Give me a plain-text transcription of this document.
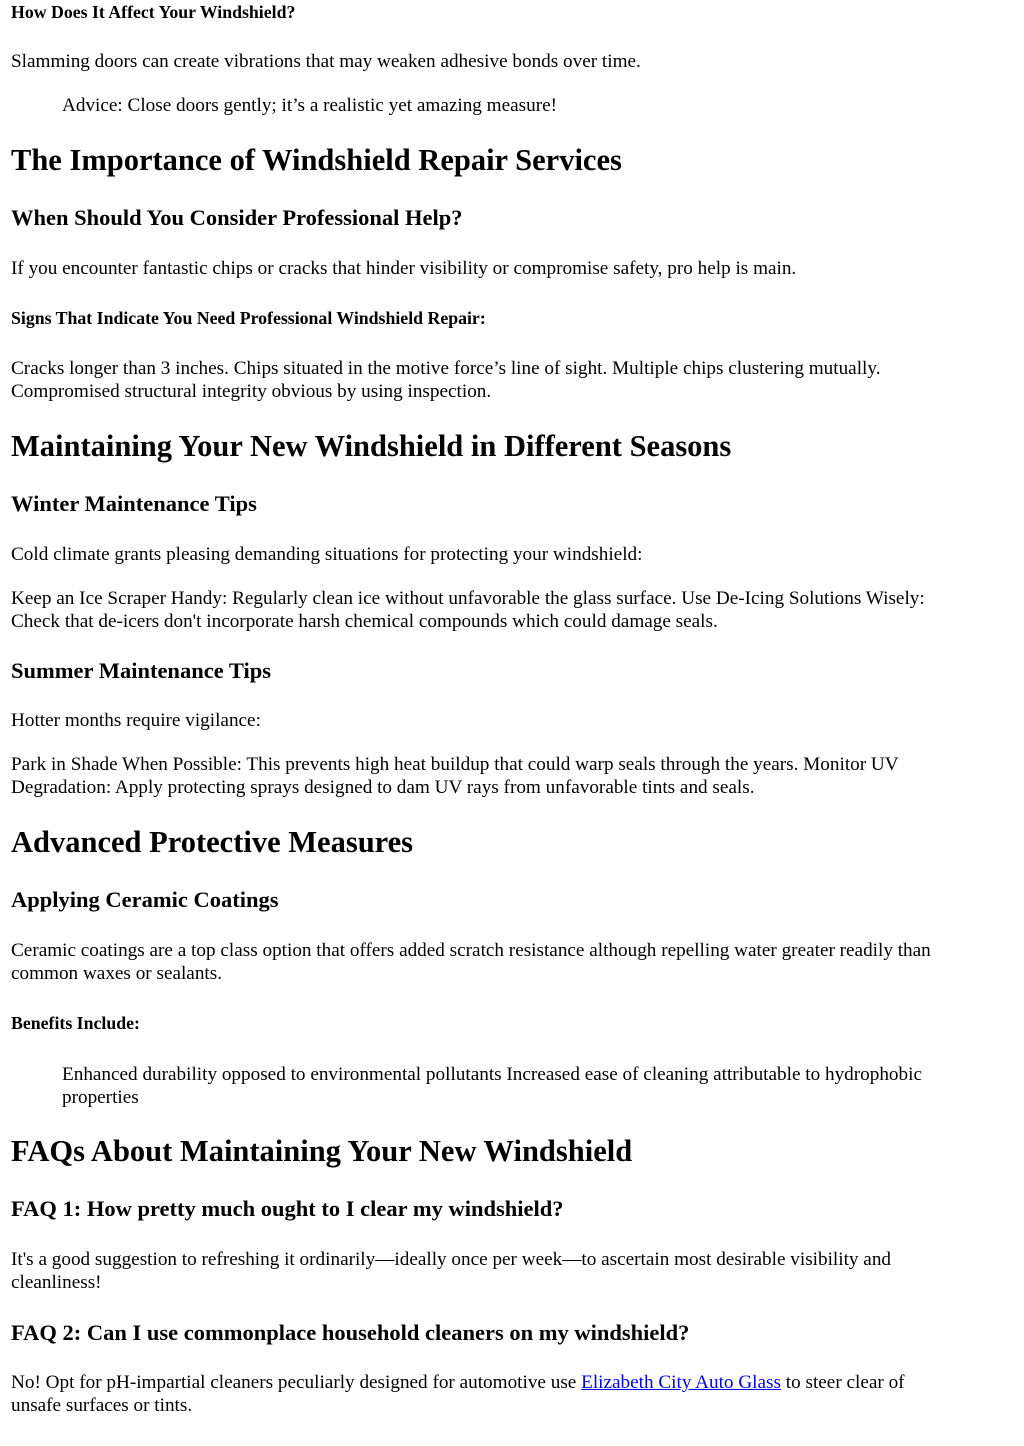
How Does It Affect Your Windshield?

Slamming doors can create vibrations that may weaken adhesive bonds over time.

Advice: Close doors gently; it’s a realistic yet amazing measure!

The Importance of Windshield Repair Services
When Should You Consider Professional Help?

If you encounter fantastic chips or cracks that hinder visibility or compromise safety, pro help is main.

Signs That Indicate You Need Professional Windshield Repair:

Cracks longer than 3 inches. Chips situated in the motive force’s line of sight. Multiple chips clustering mutually.

Compromised structural integrity obvious by using inspection.

Maintaining Your New Windshield in Different Seasons
Winter Maintenance Tips

Cold climate grants pleasing demanding situations for protecting your windshield:

Keep an Ice Scraper Handy: Regularly clean ice without unfavorable the glass surface. Use De-Icing Solutions Wisely:

Check that de-icers don't incorporate harsh chemical compounds which could damage seals.

Summer Maintenance Tips

Hotter months require vigilance:

Park in Shade When Possible: This prevents high heat buildup that could warp seals through the years. Monitor UV

Degradation: Apply protecting sprays designed to dam UV rays from unfavorable tints and seals.

Advanced Protective Measures
Applying Ceramic Coatings

Ceramic coatings are a top class option that offers added scratch resistance although repelling water greater readily than

common waxes or sealants.

Benefits Include:

Enhanced durability opposed to environmental pollutants Increased ease of cleaning attributable to hydrophobic

properties

FAQs About Maintaining Your New Windshield
FAQ 1: How pretty much ought to I clear my windshield?

It's a good suggestion to refreshing it ordinarily—ideally once per week—to ascertain most desirable visibility and

cleanliness!

FAQ 2: Can I use commonplace household cleaners on my windshield?

No! Opt for pH-impartial cleaners peculiarly designed for automotive use Elizabeth City Auto Glass to steer clear of

unsafe surfaces or tints.
